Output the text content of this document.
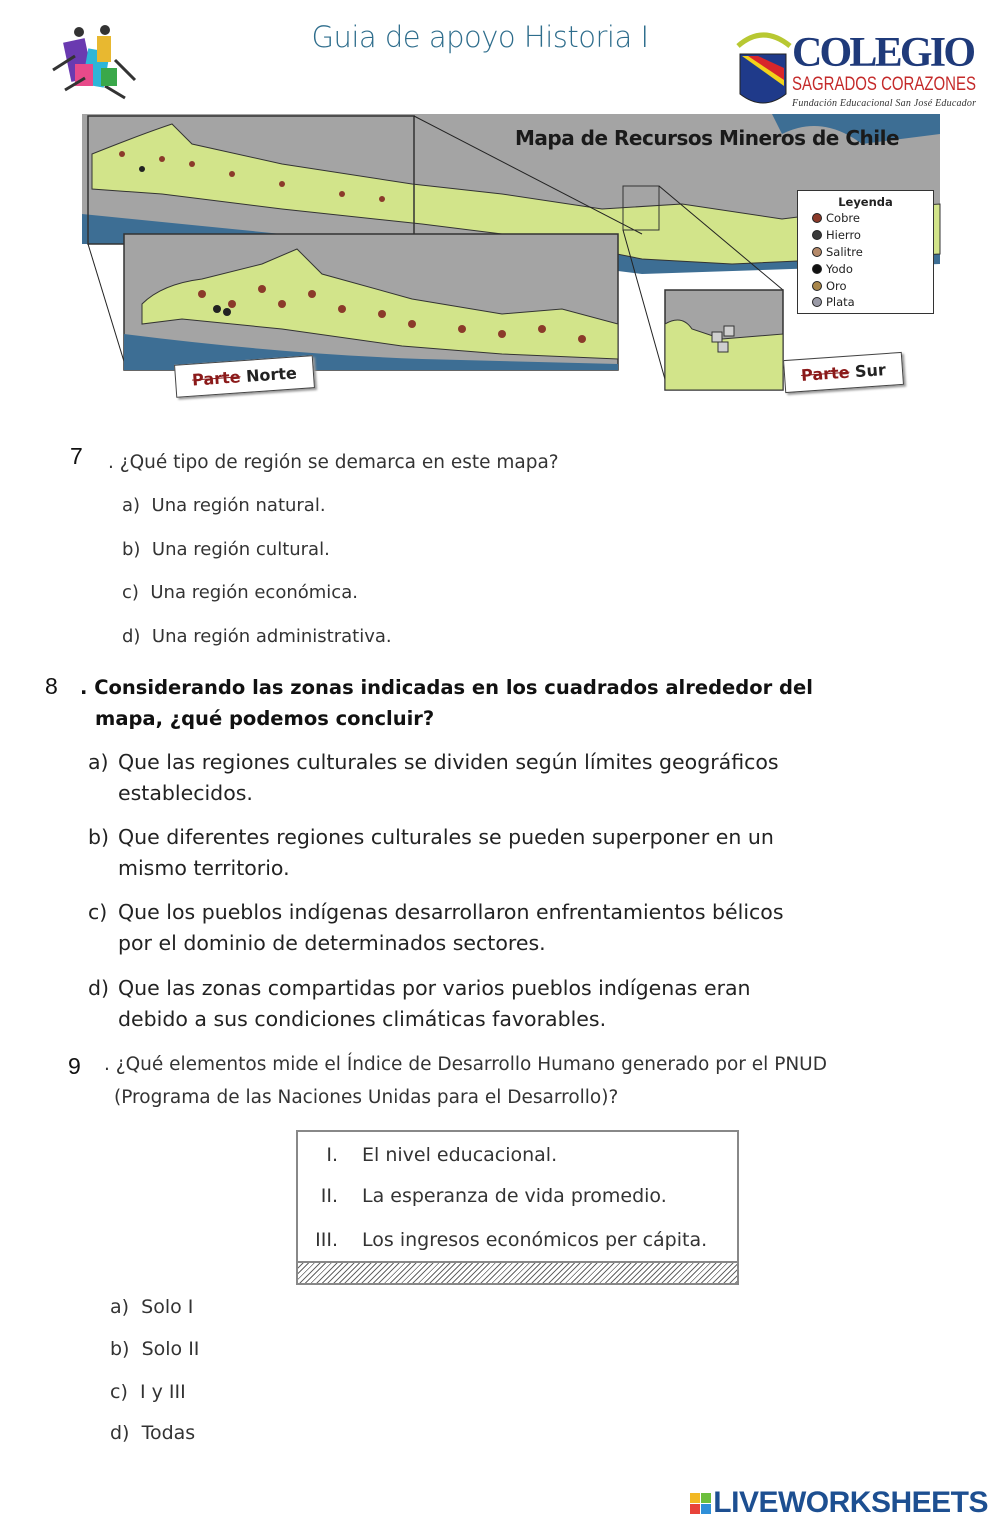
Guia de apoyo Historia I	COLEGIO
SAGRADOS CORAZONES
Fundación Educacional San José Educador
Mapa de Recursos Mineros de Chile
Leyenda
Cobre
Hierro
Salitre
Yodo
Oro
Plata
Parte Norte	Parte Sur
7 . ¿Qué tipo de región se demarca en este mapa?
a) Una región natural.
b) Una región cultural.
c) Una región económica.
d) Una región administrativa.
8 . Considerando las zonas indicadas en los cuadrados alrededor del
mapa, ¿qué podemos concluir?
a) Que las regiones culturales se dividen según límites geográficos
establecidos.
b) Que diferentes regiones culturales se pueden superponer en un
mismo territorio.
c) Que los pueblos indígenas desarrollaron enfrentamientos bélicos
por el dominio de determinados sectores.
d) Que las zonas compartidas por varios pueblos indígenas eran
debido a sus condiciones climáticas favorables.
9 . ¿Qué elementos mide el Índice de Desarrollo Humano generado por el PNUD
(Programa de las Naciones Unidas para el Desarrollo)?
I. El nivel educacional.
II. La esperanza de vida promedio.
III. Los ingresos económicos per cápita.
a) Solo I
b) Solo II
c) I y III
d) Todas
LIVEWORKSHEETS
